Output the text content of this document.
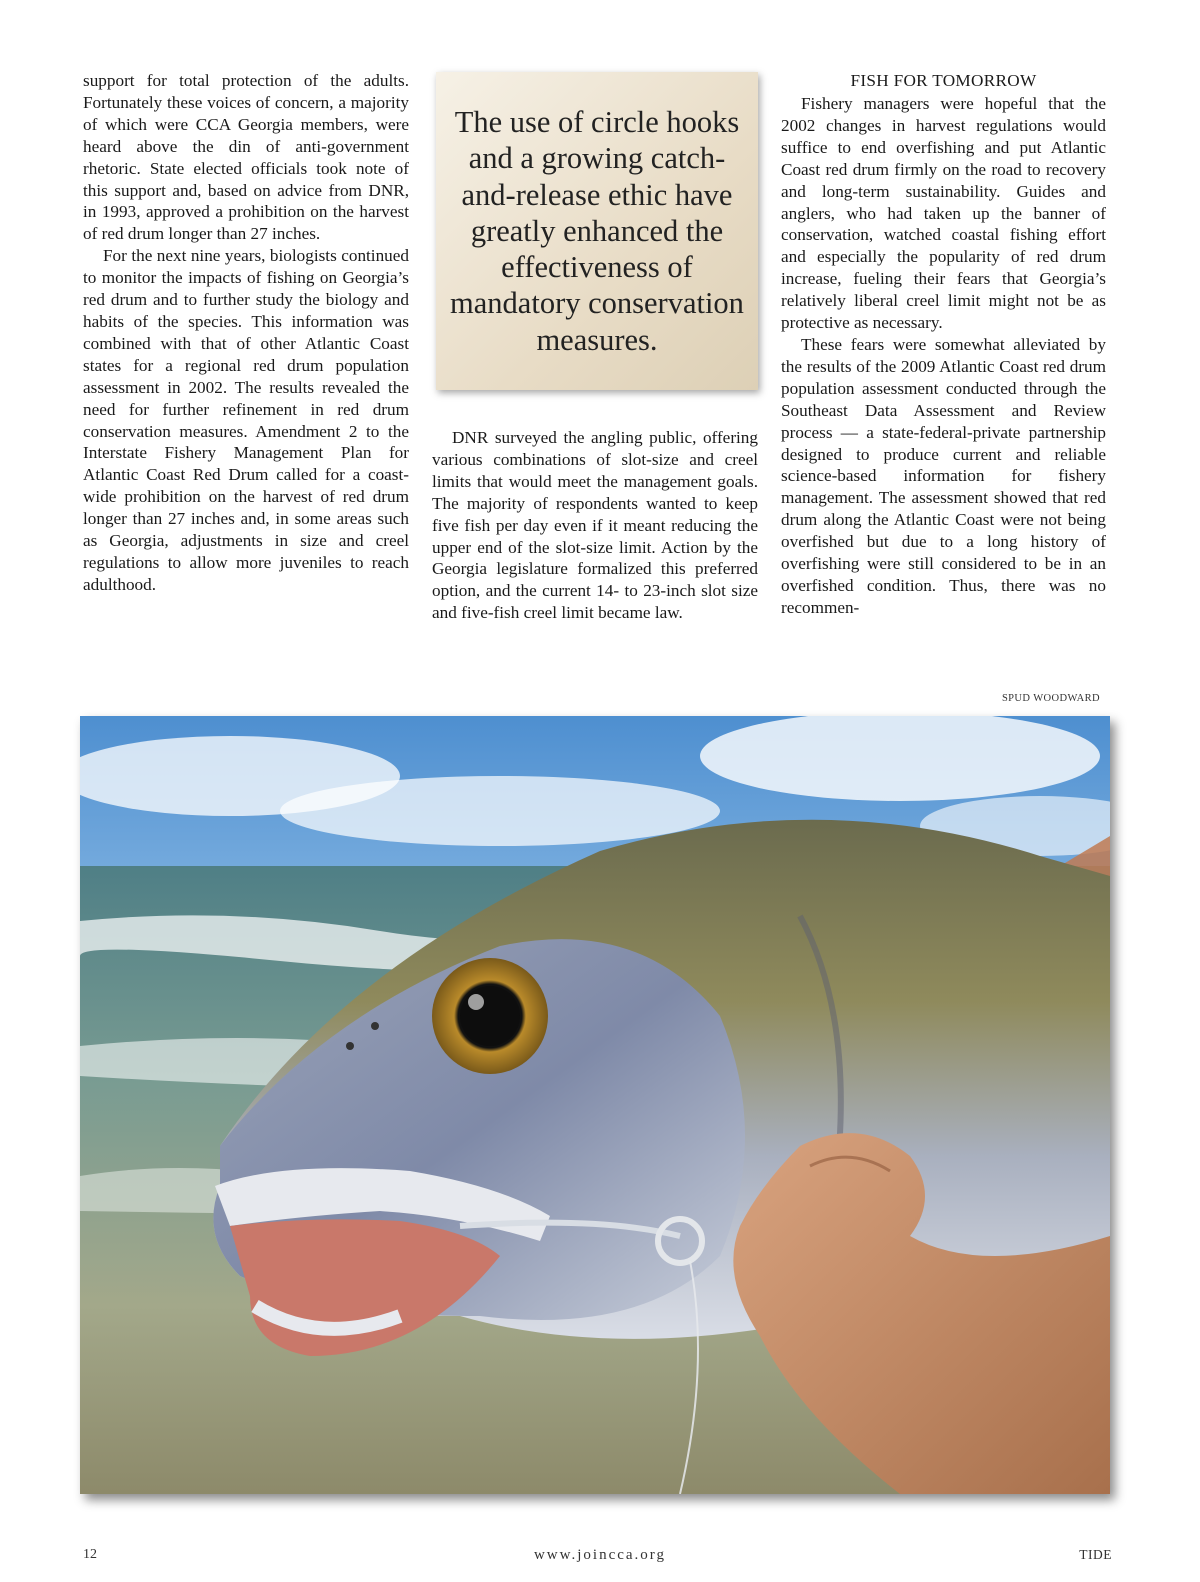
support for total protection of the adults. Fortunately these voices of concern, a majority of which were CCA Georgia members, were heard above the din of anti-government rhetoric. State elected officials took note of this support and, based on advice from DNR, in 1993, approved a prohibition on the harvest of red drum longer than 27 inches.

For the next nine years, biologists continued to monitor the impacts of fishing on Georgia’s red drum and to further study the biology and habits of the species. This information was combined with that of other Atlantic Coast states for a regional red drum population assessment in 2002. The results revealed the need for further refinement in red drum conservation measures. Amendment 2 to the Interstate Fishery Management Plan for Atlantic Coast Red Drum called for a coast-wide prohibition on the harvest of red drum longer than 27 inches and, in some areas such as Georgia, adjustments in size and creel regulations to allow more juveniles to reach adulthood.

The use of circle hooks and a growing catch-and-release ethic have greatly enhanced the effectiveness of mandatory conservation measures.

DNR surveyed the angling public, offering various combinations of slot-size and creel limits that would meet the management goals. The majority of respondents wanted to keep five fish per day even if it meant reducing the upper end of the slot-size limit. Action by the Georgia legislature formalized this preferred option, and the current 14- to 23-inch slot size and five-fish creel limit became law.

FISH FOR TOMORROW

Fishery managers were hopeful that the 2002 changes in harvest regulations would suffice to end overfishing and put Atlantic Coast red drum firmly on the road to recovery and long-term sustainability. Guides and anglers, who had taken up the banner of conservation, watched coastal fishing effort and especially the popularity of red drum increase, fueling their fears that Georgia’s relatively liberal creel limit might not be as protective as necessary.

These fears were somewhat alleviated by the results of the 2009 Atlantic Coast red drum population assessment conducted through the Southeast Data Assessment and Review process — a state-federal-private partnership designed to produce current and reliable science-based information for fishery management. The assessment showed that red drum along the Atlantic Coast were not being overfished but due to a long history of overfishing were still considered to be in an overfished condition. Thus, there was no recommen-

SPUD WOODWARD
12	www.joincca.org	TIDE
